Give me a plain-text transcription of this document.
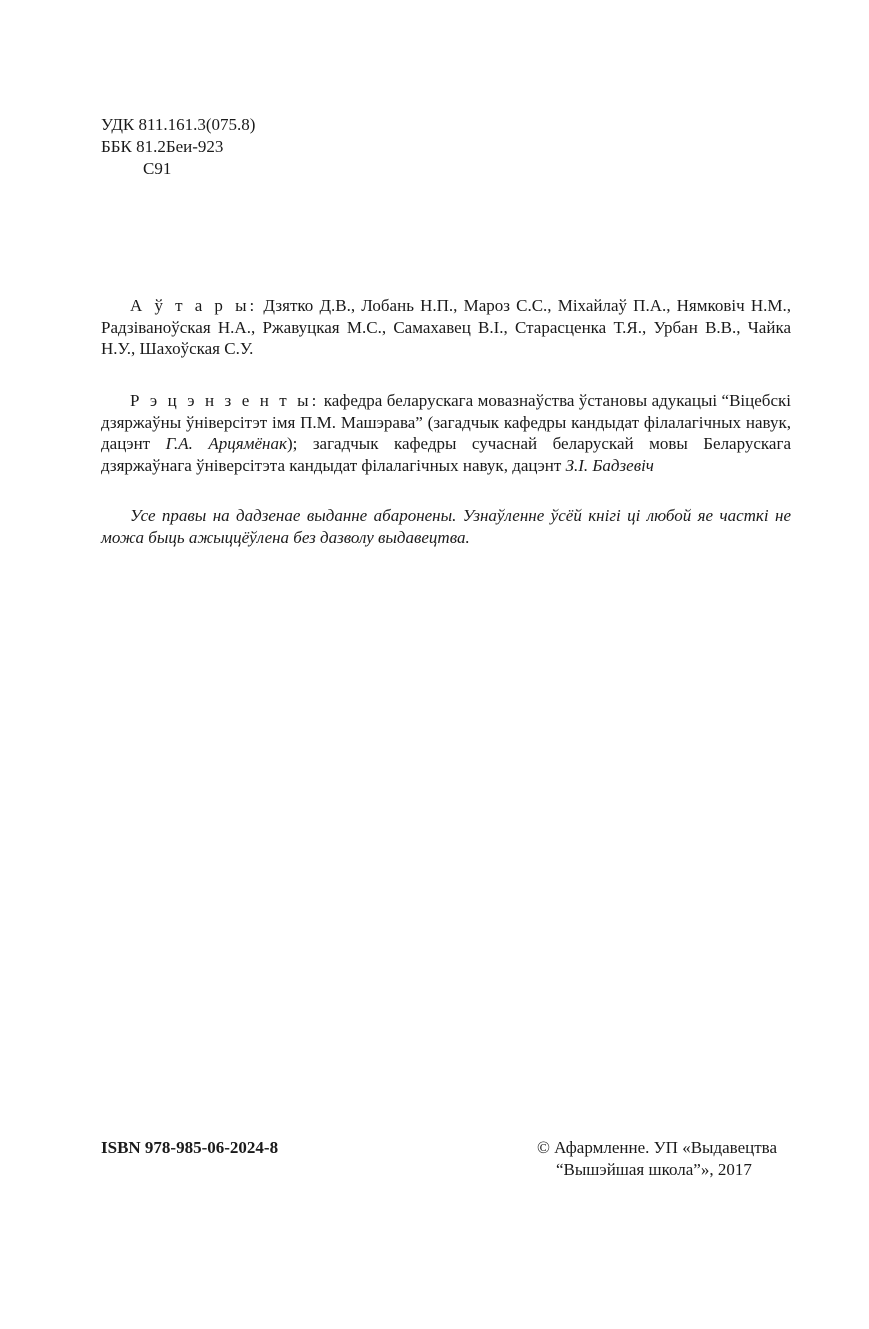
УДК 811.161.3(075.8)
ББК 81.2Беи-923
С91

А ў т а р ы: Дзятко Д.В., Лобань Н.П., Мароз С.С., Міхайлаў П.А., Нямковіч Н.М., Радзіваноўская Н.А., Ржавуцкая М.С., Самахавец В.І., Старасценка Т.Я., Урбан В.В., Чайка Н.У., Шахоўская С.У.

Р э ц э н з е н т ы: кафедра беларускага мовазнаўства ўстановы адукацыі “Віцебскі дзяржаўны ўніверсітэт імя П.М. Машэрава” (загадчык кафедры кандыдат філалагічных навук, дацэнт Г.А. Арцямёнак); загадчык кафедры сучаснай беларускай мовы Беларускага дзяржаўнага ўніверсітэта кандыдат філалагічных навук, дацэнт З.І. Бадзевіч

Усе правы на дадзенае выданне абаронены. Узнаўленне ўсёй кнігі ці любой яе часткі не можа быць ажыццёўлена без дазволу выдавецтва.

ISBN 978-985-06-2024-8	© Афармленне. УП «Выдавецтва
“Вышэйшая школа”», 2017
